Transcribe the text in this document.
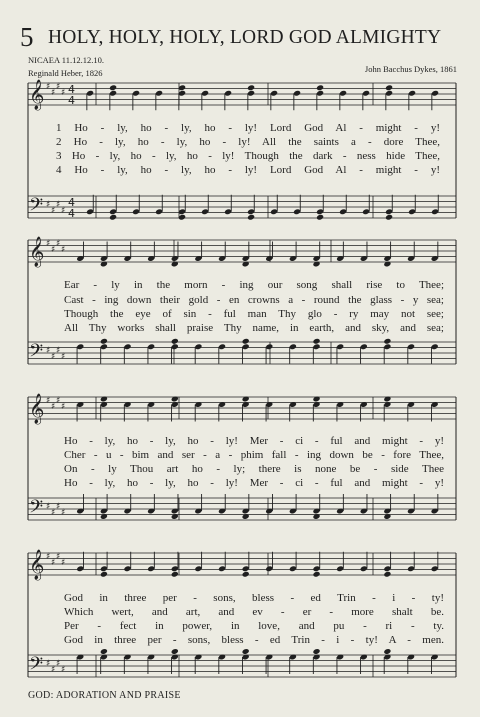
5 HOLY, HOLY, HOLY, LORD GOD ALMIGHTY
NICAEA 11.12.12.10.
Reginald Heber, 1826	John Bacchus Dykes, 1861
𝄞
𝄢
♯
♯
♯
♯
♯
♯
♯
♯
4
4
4
4
𝄞
𝄢
♯
♯
♯
♯
♯
♯
♯
♯
𝄞
𝄢
♯
♯
♯
♯
♯
♯
♯
♯
𝄞
𝄢
♯
♯
♯
♯
♯
♯
♯
♯
1 Ho - ly, ho - ly, ho - ly! Lord God Al - might - y!
2 Ho - ly, ho - ly, ho - ly! All the saints a - dore Thee,
3 Ho - ly, ho - ly, ho - ly! Though the dark - ness hide Thee,
4 Ho - ly, ho - ly, ho - ly! Lord God Al - might - y!
Ear - ly in the morn - ing our song shall rise to Thee;
Cast - ing down their gold - en crowns a - round the glass - y sea;
Though the eye of sin - ful man Thy glo - ry may not see;
All Thy works shall praise Thy name, in earth, and sky, and sea;
Ho - ly, ho - ly, ho - ly! Mer - ci - ful and might - y!
Cher - u - bim and ser - a - phim fall - ing down be - fore Thee,
On - ly Thou art ho - ly; there is none be - side Thee
Ho - ly, ho - ly, ho - ly! Mer - ci - ful and might - y!
God in three per - sons, bless - ed Trin - i - ty!
Which wert, and art, and ev - er - more shalt be.
Per - fect in power, in love, and pu - ri - ty.
God in three per - sons, bless - ed Trin - i - ty! A - men.
GOD: ADORATION AND PRAISE
